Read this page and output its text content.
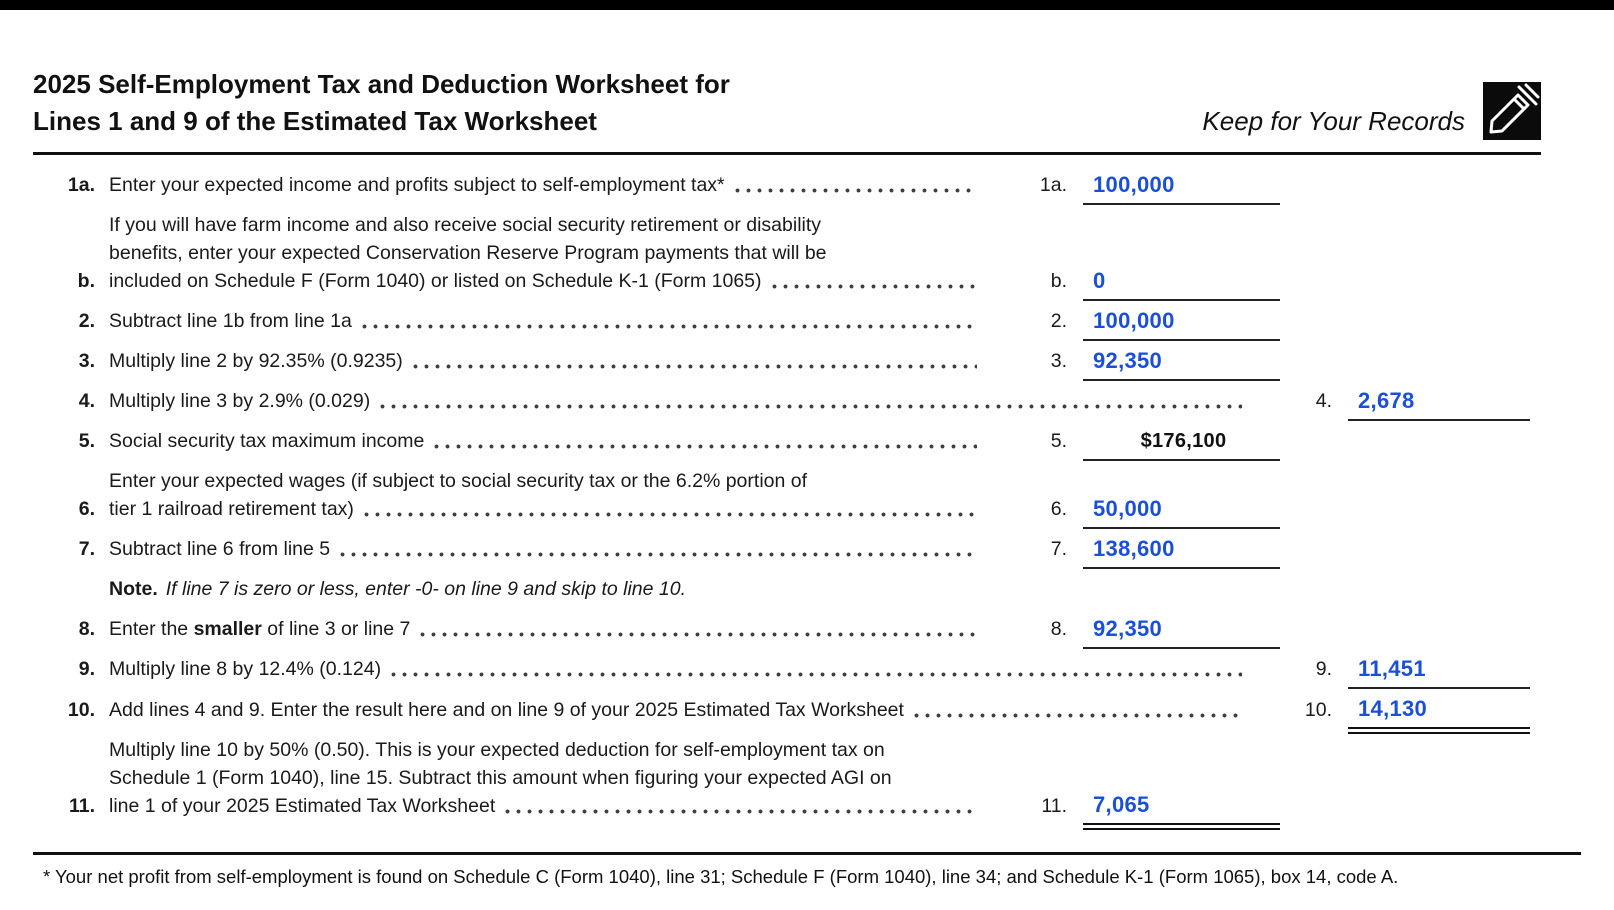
2025 Self-Employment Tax and Deduction Worksheet for
Lines 1 and 9 of the Estimated Tax Worksheet	Keep for Your Records
1a. Enter your expected income and profits subject to self-employment tax*	1a. 100,000
b.
If you will have farm income and also receive social security retirement or disability
benefits, enter your expected Conservation Reserve Program payments that will be
included on Schedule F (Form 1040) or listed on Schedule K-1 (Form 1065)	b. 0
2. Subtract line 1b from line 1a	2. 100,000
3. Multiply line 2 by 92.35% (0.9235)	3. 92,350
4. Multiply line 3 by 2.9% (0.029)	4. 2,678
5. Social security tax maximum income	5.	$176,100
6.
Enter your expected wages (if subject to social security tax or the 6.2% portion of
tier 1 railroad retirement tax)	6. 50,000
7. Subtract line 6 from line 5	7. 138,600
Note. If line 7 is zero or less, enter -0- on line 9 and skip to line 10.
8. Enter the smaller of line 3 or line 7	8. 92,350
9. Multiply line 8 by 12.4% (0.124)	9. 11,451
10. Add lines 4 and 9. Enter the result here and on line 9 of your 2025 Estimated Tax Worksheet	10. 14,130
11.
Multiply line 10 by 50% (0.50). This is your expected deduction for self-employment tax on
Schedule 1 (Form 1040), line 15. Subtract this amount when figuring your expected AGI on
line 1 of your 2025 Estimated Tax Worksheet	11. 7,065
* Your net profit from self-employment is found on Schedule C (Form 1040), line 31; Schedule F (Form 1040), line 34; and Schedule K-1 (Form 1065), box 14, code A.
